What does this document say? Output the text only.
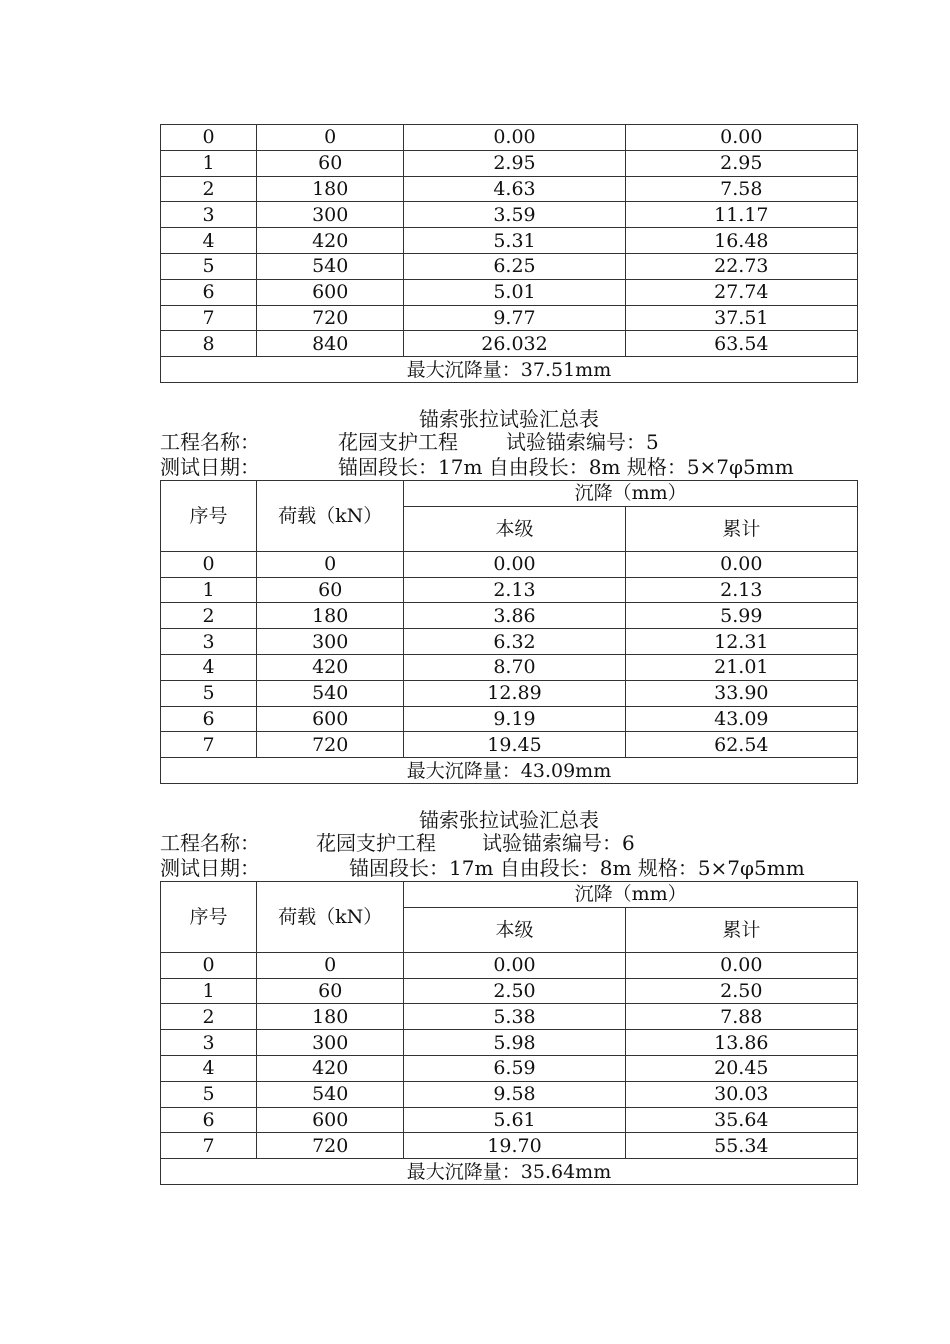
0	0	0.00	0.00
1	60	2.95	2.95
2	180	4.63	7.58
3	300	3.59	11.17
4	420	5.31	16.48
5	540	6.25	22.73
6	600	5.01	27.74
7	720	9.77	37.51
8	840	26.032	63.54
最大沉降量：37.51mm			
锚索张拉试验汇总表
工程名称：	花园支护工程 试验锚索编号：5
测试日期：	锚固段长：17m 自由段长：8m 规格：5×7φ5mm
序号	荷载（kN）	沉降（mm）	
		本级	累计
0	0	0.00	0.00
1	60	2.13	2.13
2	180	3.86	5.99
3	300	6.32	12.31
4	420	8.70	21.01
5	540	12.89	33.90
6	600	9.19	43.09
7	720	19.45	62.54
最大沉降量：43.09mm			
锚索张拉试验汇总表
工程名称：	花园支护工程 试验锚索编号：6
测试日期：	锚固段长：17m 自由段长：8m 规格：5×7φ5mm
序号	荷载（kN）	沉降（mm）	
		本级	累计
0	0	0.00	0.00
1	60	2.50	2.50
2	180	5.38	7.88
3	300	5.98	13.86
4	420	6.59	20.45
5	540	9.58	30.03
6	600	5.61	35.64
7	720	19.70	55.34
最大沉降量：35.64mm			
